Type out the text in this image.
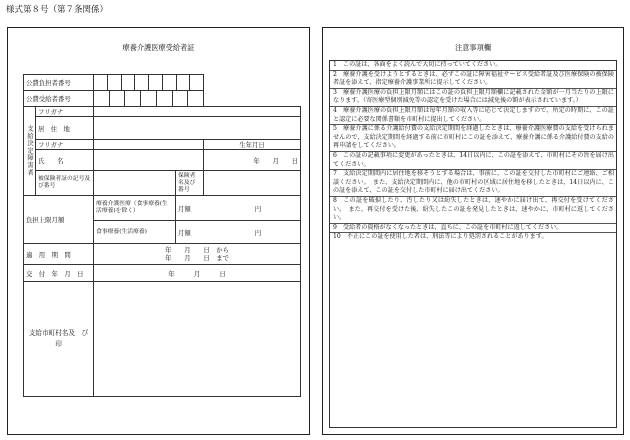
様式第８号（第７条関係）
療養介護医療受給者証
公費負担者番号			

公費受給者番号			

支給決定障害者	フリガナ			
	居　住　地			
	フリガナ			生年月日
	氏　　名			年　　月　　日
	被保険者証の記号及び番号		保険者名及び番号	
負担上限月額		療養介護医療（食事療養(生活療養)を除く）	月額　　　　　　　　　　円	
		食事療養(生活療養)	月額　　　　　　　　　　円	
適　用　期　間		年　　月　　日　から
年　　月　　日　まで		

交　付　年　月　日		年　　　月　　　日		
支給市町村名及　び　印				
注意事項欄
1　この証は、各面をよく読んで大切に持っていてください。
2　療養介護を受けようとするときは、必ずこの証に障害福祉サービス受給者証及び医療保険の被保険者証を添えて、指定療養介護事業所に提示してください。
3　療養介護医療の負担上限月額にはこの証の負担上限月額欄に記載された金額が一月当たりの上限になります。（寄医療型個別減免等の認定を受けた場合には減免後の額が表示されています。）
4　療養介護医療の負担上限月額は毎年月額の収入等に応じて決定しますので、所定の時期に、この証と認定に必要な関係書類を市町村に提出してください。
5　療養介護に係る介護給付費の支給決定期間を経過したときは、療養介護医療費の支給を受けられませんので、支給決定期間を経過する前に市町村にこの証を添えて、療養介護に係る介護給付費の支給の再申請をしてください。
6　この証の記載事項に変更があったときは、14日以内に、この証を添えて、市町村にその旨を届け出てください。
7　支給決定期間内に居住地を移そうとする場合は、事前に、この証を交付した市町村にご連絡、ご相談ください。　また、支給決定期間内に、他の市町村の区域に居住地を移したときは、14日以内に、この証を添えて、この証を交付した市町村に届け出てください。
8　この証を破損したり、汚したり又は紛失したときは、速やかに届け出て、再交付を受けてください。　また、再交付を受けた後、紛失したこの証を発見したときは、速やかに、市町村に返してください。
9　受給者の資格がなくなったときは、直ちに、この証を市町村に返してください。
10　不正にこの証を使用した者は、刑法等により処罰されることがあります。
